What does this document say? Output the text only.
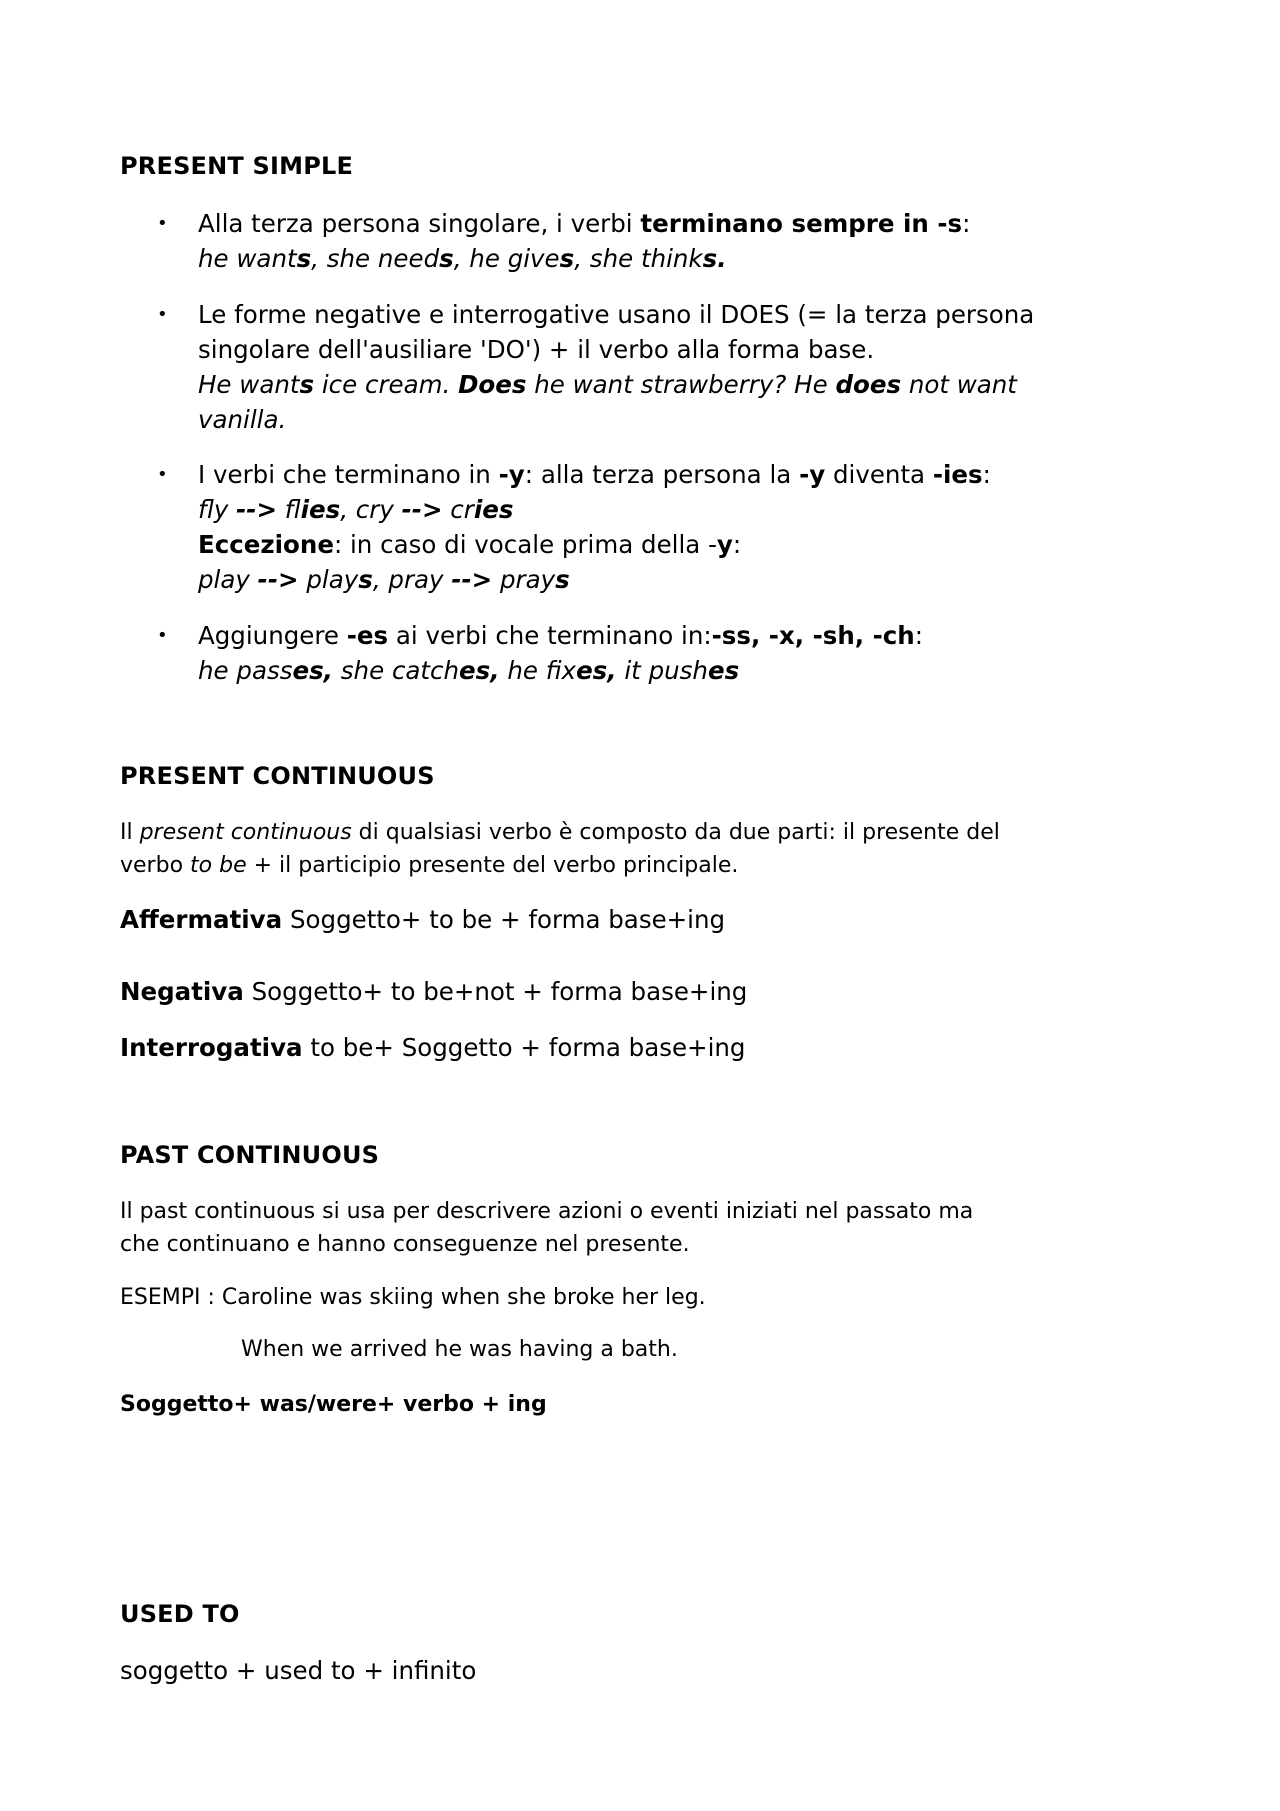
PRESENT SIMPLE
• Alla terza persona singolare, i verbi terminano sempre in -s:
he wants, she needs, he gives, she thinks.
• Le forme negative e interrogative usano il DOES (= la terza persona
singolare dell'ausiliare 'DO') + il verbo alla forma base.
He wants ice cream. Does he want strawberry? He does not want
vanilla.
• I verbi che terminano in -y: alla terza persona la -y diventa -ies:
fly --> flies, cry --> cries
Eccezione: in caso di vocale prima della -y:
play --> plays, pray --> prays
• Aggiungere -es ai verbi che terminano in:-ss, -x, -sh, -ch:
he passes, she catches, he fixes, it pushes
PRESENT CONTINUOUS
Il present continuous di qualsiasi verbo è composto da due parti: il presente del
verbo to be + il participio presente del verbo principale.
Affermativa Soggetto+ to be + forma base+ing
Negativa Soggetto+ to be+not + forma base+ing
Interrogativa to be+ Soggetto + forma base+ing
PAST CONTINUOUS
Il past continuous si usa per descrivere azioni o eventi iniziati nel passato ma
che continuano e hanno conseguenze nel presente.
ESEMPI : Caroline was skiing when she broke her leg.
When we arrived he was having a bath.
Soggetto+ was/were+ verbo + ing
USED TO
soggetto + used to + infinito
